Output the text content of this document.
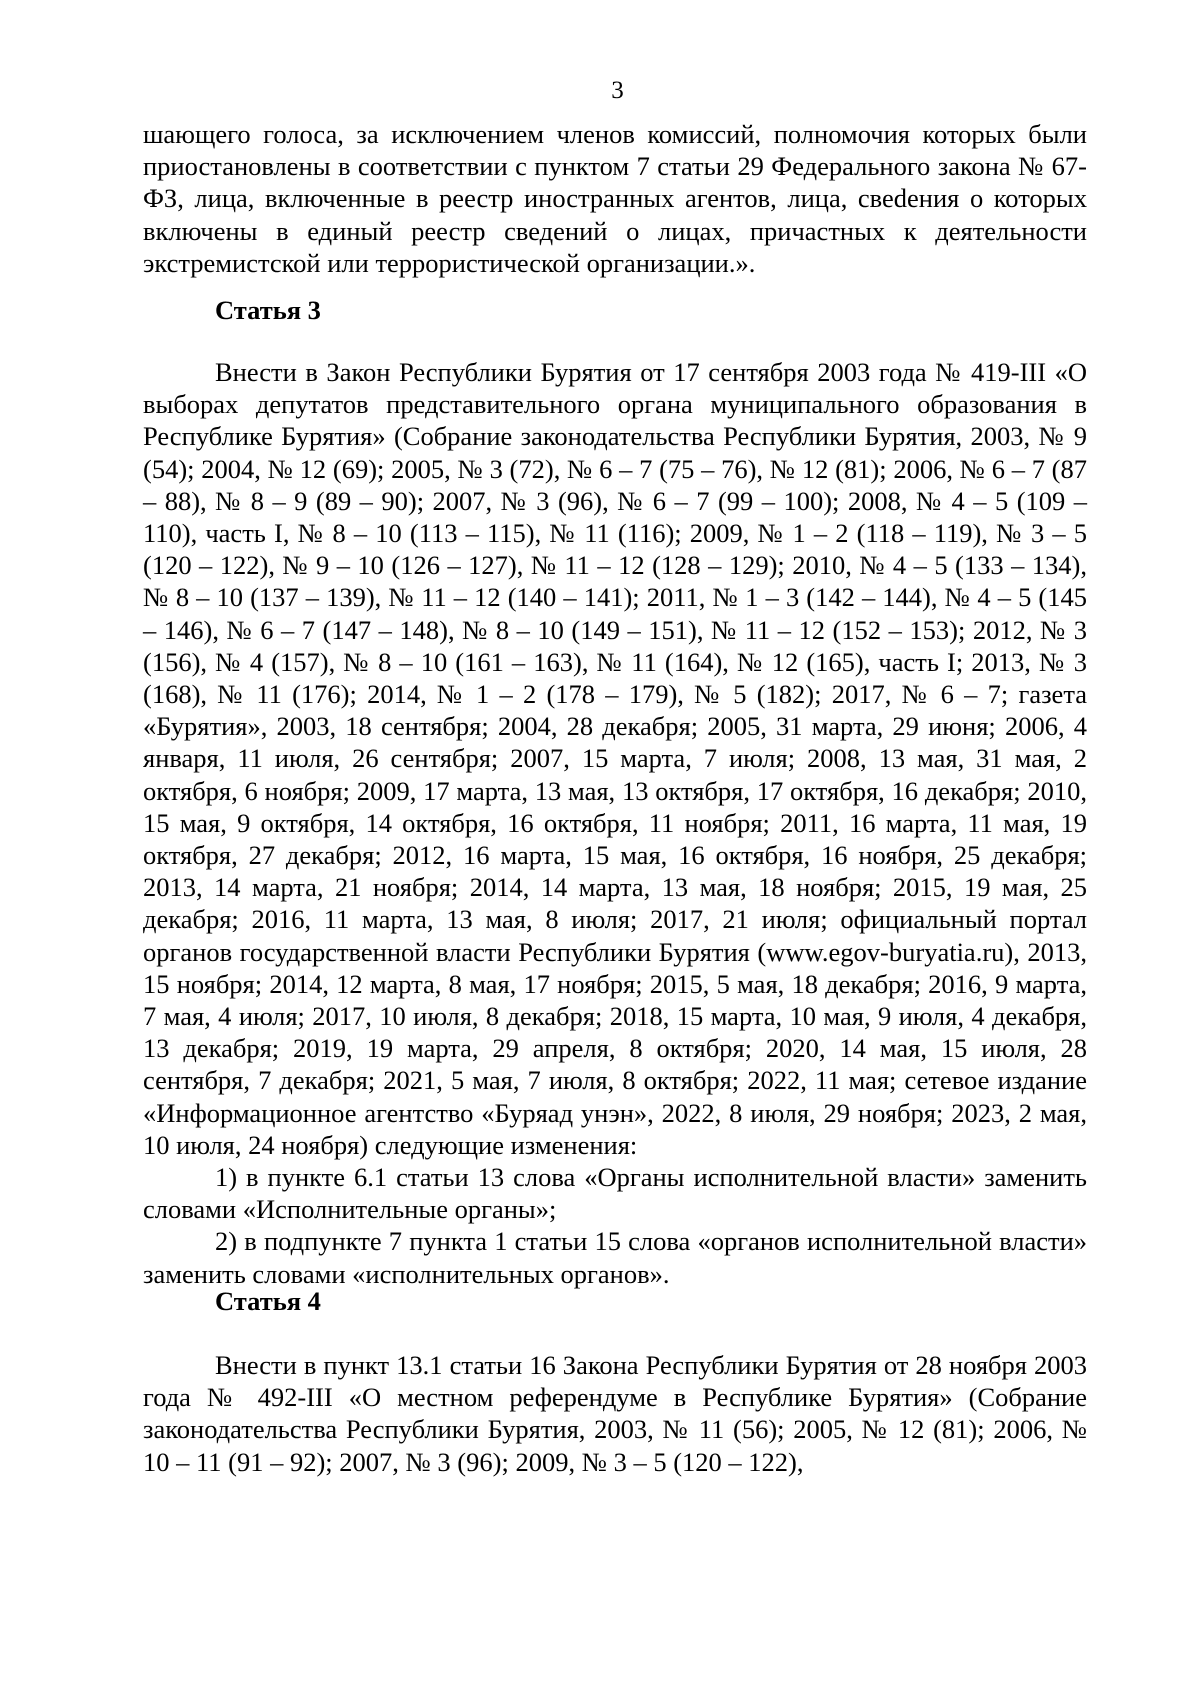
3

шающего голоса, за исключением членов комиссий, полномочия которых были приостановлены в соответствии с пунктом 7 статьи 29 Федерального закона № 67-ФЗ, лица, включенные в реестр иностранных агентов, лица, свеdения о которых включены в единый реестр сведений о лицах, причастных к деятельности экстремистской или террористической организации.».

Статья 3

Внести в Закон Республики Бурятия от 17 сентября 2003 года № 419-III «О выборах депутатов представительного органа муниципального образования в Республике Бурятия» (Собрание законодательства Республики Бурятия, 2003, № 9 (54); 2004, № 12 (69); 2005, № 3 (72), № 6 – 7 (75 – 76), № 12 (81); 2006, № 6 – 7 (87 – 88), № 8 – 9 (89 – 90); 2007, № 3 (96), № 6 – 7 (99 – 100); 2008, № 4 – 5 (109 – 110), часть I, № 8 – 10 (113 – 115), № 11 (116); 2009, № 1 – 2 (118 – 119), № 3 – 5 (120 – 122), № 9 – 10 (126 – 127), № 11 – 12 (128 – 129); 2010, № 4 – 5 (133 – 134), № 8 – 10 (137 – 139), № 11 – 12 (140 – 141); 2011, № 1 – 3 (142 – 144), № 4 – 5 (145 – 146), № 6 – 7 (147 – 148), № 8 – 10 (149 – 151), № 11 – 12 (152 – 153); 2012, № 3 (156), № 4 (157), № 8 – 10 (161 – 163), № 11 (164), № 12 (165), часть I; 2013, № 3 (168), № 11 (176); 2014, № 1 – 2 (178 – 179), № 5 (182); 2017, № 6 – 7; газета «Бурятия», 2003, 18 сентября; 2004, 28 декабря; 2005, 31 марта, 29 июня; 2006, 4 января, 11 июля, 26 сентября; 2007, 15 марта, 7 июля; 2008, 13 мая, 31 мая, 2 октября, 6 ноября; 2009, 17 марта, 13 мая, 13 октября, 17 октября, 16 декабря; 2010, 15 мая, 9 октября, 14 октября, 16 октября, 11 ноября; 2011, 16 марта, 11 мая, 19 октября, 27 декабря; 2012, 16 марта, 15 мая, 16 октября, 16 ноября, 25 декабря; 2013, 14 марта, 21 ноября; 2014, 14 марта, 13 мая, 18 ноября; 2015, 19 мая, 25 декабря; 2016, 11 марта, 13 мая, 8 июля; 2017, 21 июля; официальный портал органов государственной власти Республики Бурятия (www.egov-buryatia.ru), 2013, 15 ноября; 2014, 12 марта, 8 мая, 17 ноября; 2015, 5 мая, 18 декабря; 2016, 9 марта, 7 мая, 4 июля; 2017, 10 июля, 8 декабря; 2018, 15 марта, 10 мая, 9 июля, 4 декабря, 13 декабря; 2019, 19 марта, 29 апреля, 8 октября; 2020, 14 мая, 15 июля, 28 сентября, 7 декабря; 2021, 5 мая, 7 июля, 8 октября; 2022, 11 мая; сетевое издание «Информационное агентство «Буряад унэн», 2022, 8 июля, 29 ноября; 2023, 2 мая, 10 июля, 24 ноября) следующие изменения:

1) в пункте 6.1 статьи 13 слова «Органы исполнительной власти» заменить словами «Исполнительные органы»;

2) в подпункте 7 пункта 1 статьи 15 слова «органов исполнительной власти» заменить словами «исполнительных органов».

Статья 4

Внести в пункт 13.1 статьи 16 Закона Республики Бурятия от 28 ноября 2003 года № 492-III «О местном референдуме в Республике Бурятия» (Собрание законодательства Республики Бурятия, 2003, № 11 (56); 2005, № 12 (81); 2006, № 10 – 11 (91 – 92); 2007, № 3 (96); 2009, № 3 – 5 (120 – 122),
